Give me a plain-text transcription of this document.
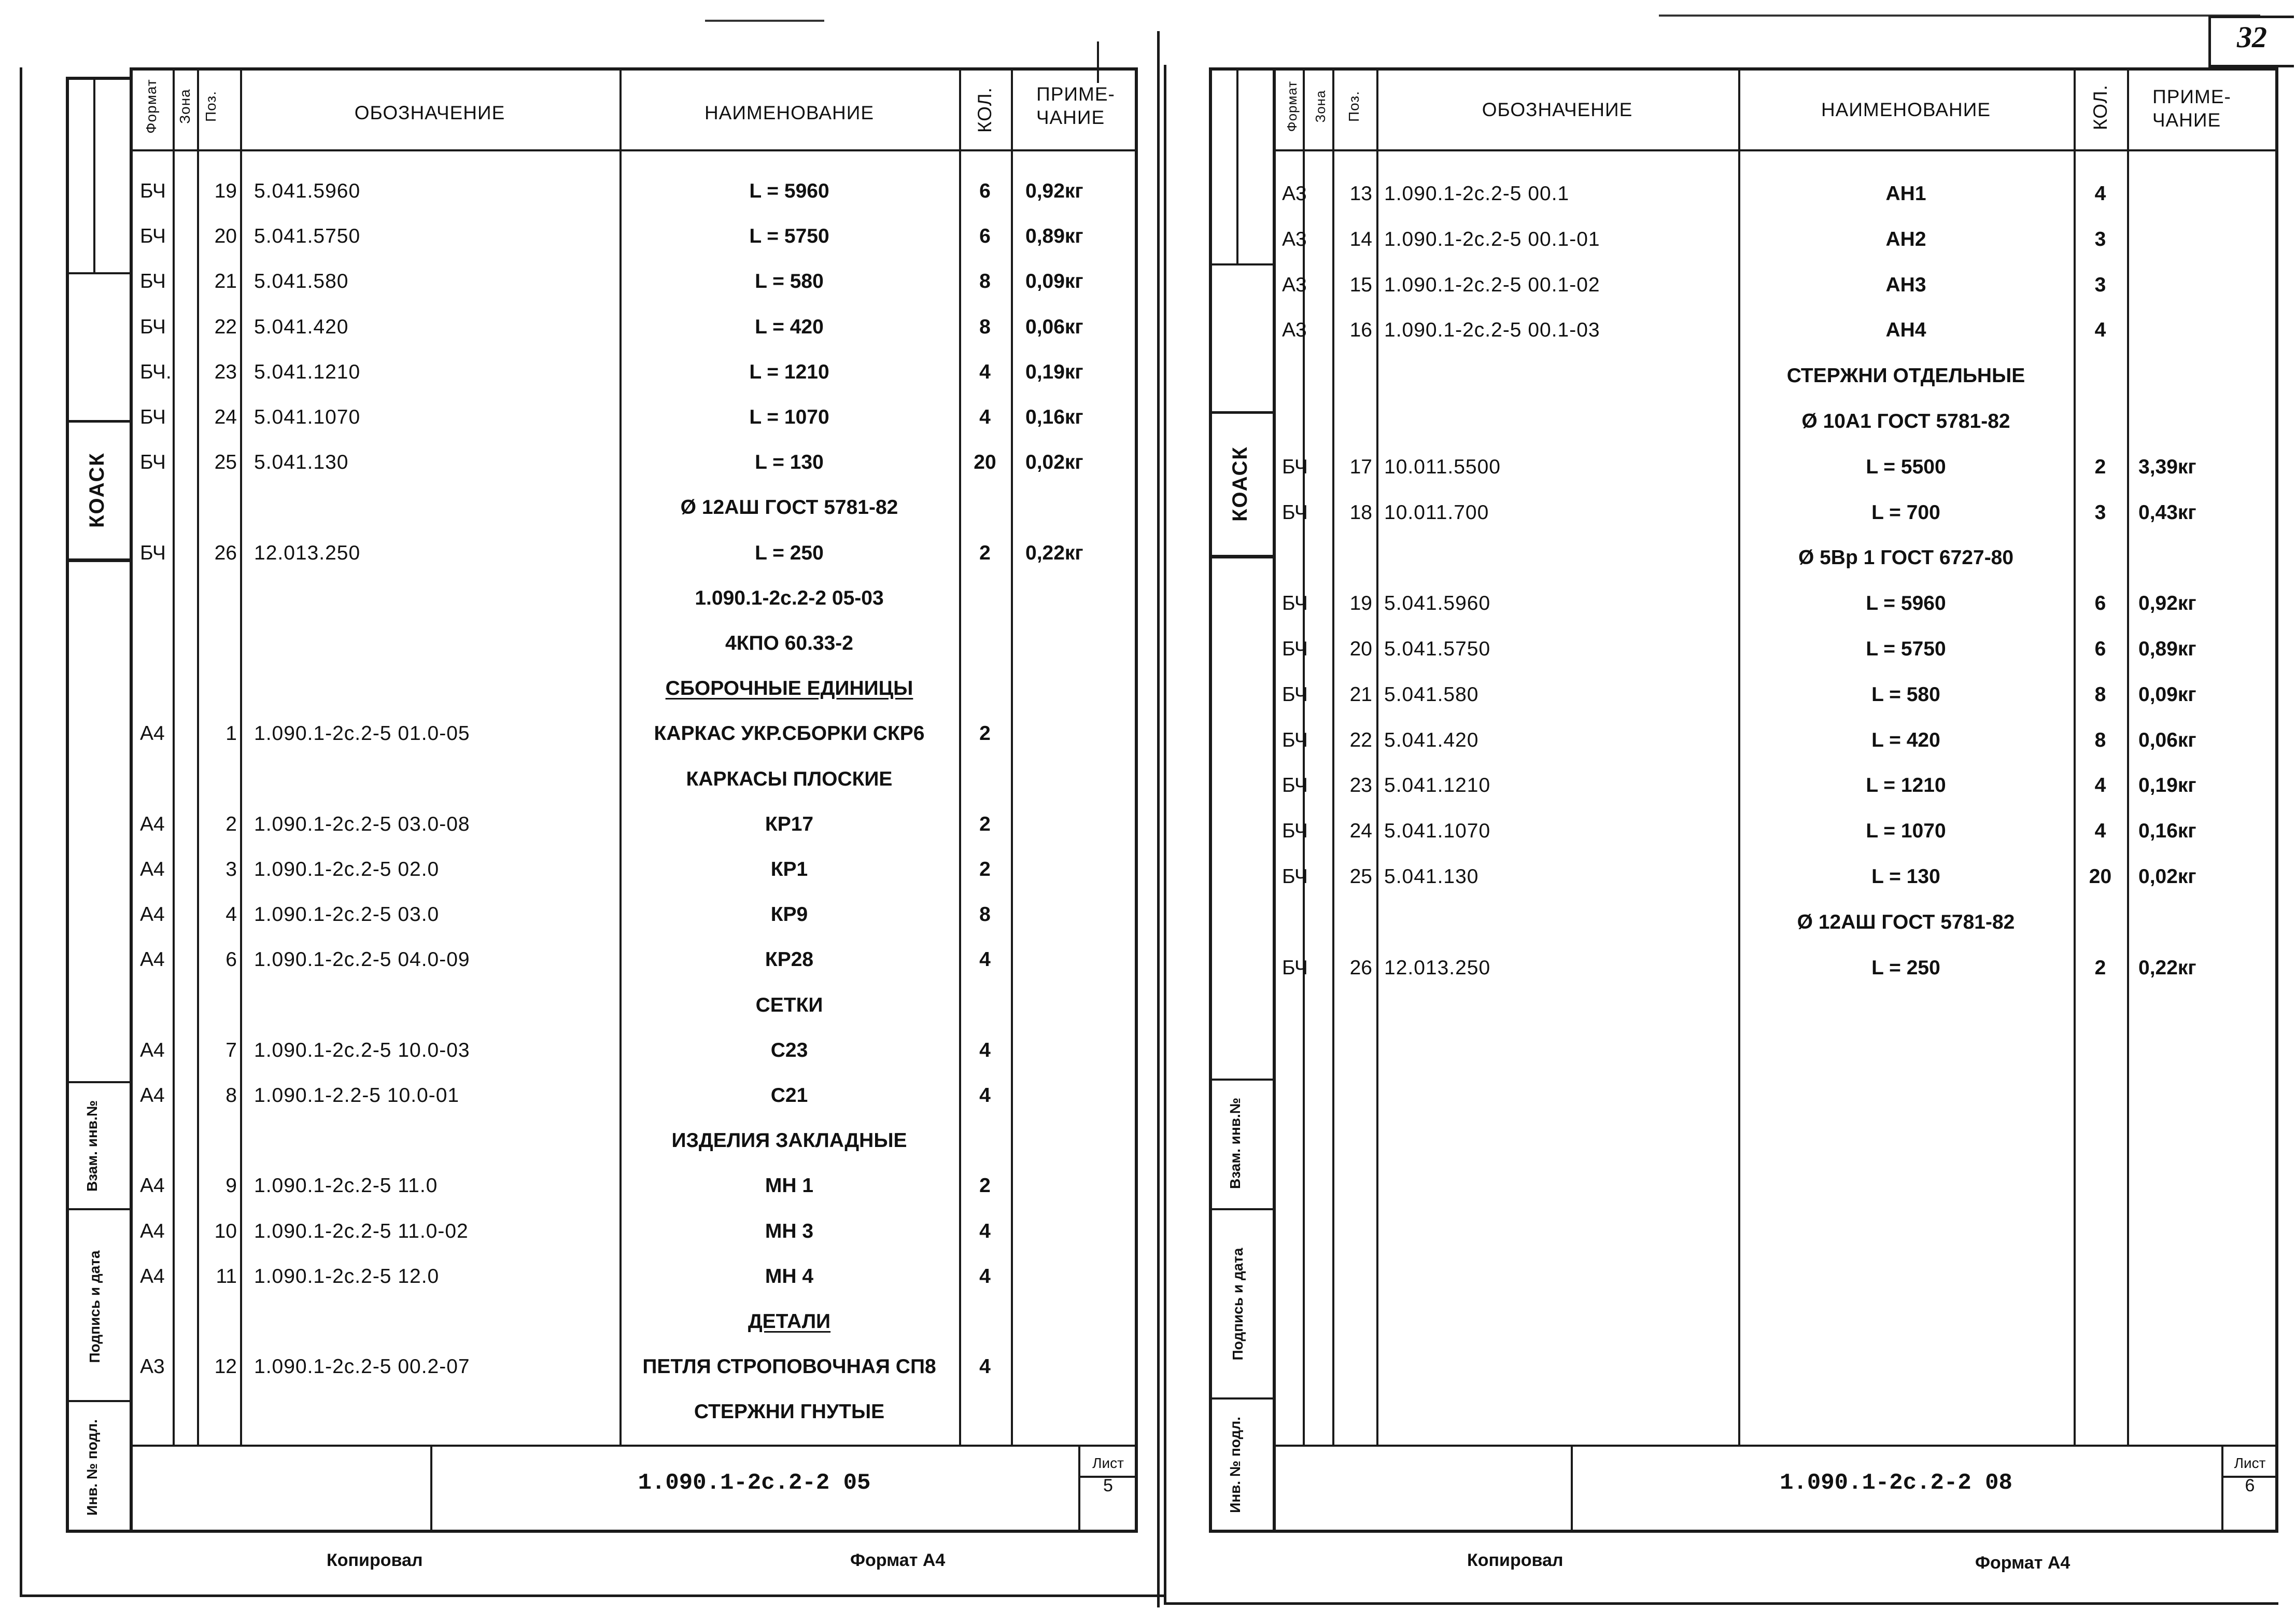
КОАСК
Взам. инв.№
Подпись и дата
Инв. № подл.
Формат Зона Поз.	ОБОЗНАЧЕНИЕ	НАИМЕНОВАНИЕ	КОЛ.	ПРИМЕ-
ЧАНИЕ
БЧ	19 5.041.5960	L = 5960	6	0,92кг
БЧ	20 5.041.5750	L = 5750	6	0,89кг
БЧ	21 5.041.580	L = 580	8	0,09кг
БЧ	22 5.041.420	L = 420	8	0,06кг
БЧ.	23 5.041.1210	L = 1210	4	0,19кг
БЧ	24 5.041.1070	L = 1070	4	0,16кг
БЧ	25 5.041.130	L = 130	20	0,02кг
Ø 12АШ ГОСТ 5781-82
БЧ	26 12.013.250	L = 250	2	0,22кг
1.090.1-2с.2-2 05-03
4КПО 60.33-2
СБОРОЧНЫЕ ЕДИНИЦЫ
А4	1 1.090.1-2с.2-5 01.0-05	КАРКАС УКР.СБОРКИ СКР6	2
КАРКАСЫ ПЛОСКИЕ
А4	2 1.090.1-2с.2-5 03.0-08	КР17	2
А4	3 1.090.1-2с.2-5 02.0	КР1	2
А4	4 1.090.1-2с.2-5 03.0	КР9	8
А4	6 1.090.1-2с.2-5 04.0-09	КР28	4
СЕТКИ
А4	7 1.090.1-2с.2-5 10.0-03	С23	4
А4	8 1.090.1-2.2-5 10.0-01	С21	4
ИЗДЕЛИЯ ЗАКЛАДНЫЕ
А4	9 1.090.1-2с.2-5 11.0	МН 1	2
А4	10 1.090.1-2с.2-5 11.0-02	МН 3	4
А4	11 1.090.1-2с.2-5 12.0	МН 4	4
ДЕТАЛИ
А3	12 1.090.1-2с.2-5 00.2-07	ПЕТЛЯ СТРОПОВОЧНАЯ СП8	4
СТЕРЖНИ ГНУТЫЕ
1.090.1-2с.2-2 05
Лист
5
Копировал	Формат А4
32
КОАСК
Взам. инв.№
Подпись и дата
Инв. № подл.
Формат Зона Поз.	ОБОЗНАЧЕНИЕ	НАИМЕНОВАНИЕ	КОЛ.	ПРИМЕ-
ЧАНИЕ
А3	13 1.090.1-2с.2-5 00.1	АН1	4
А3	14 1.090.1-2с.2-5 00.1-01	АН2	3
А3	15 1.090.1-2с.2-5 00.1-02	АН3	3
А3	16 1.090.1-2с.2-5 00.1-03	АН4	4
СТЕРЖНИ ОТДЕЛЬНЫЕ
Ø 10А1 ГОСТ 5781-82
БЧ	17 10.011.5500	L = 5500	2	3,39кг
БЧ	18 10.011.700	L = 700	3	0,43кг
Ø 5Вр 1 ГОСТ 6727-80
БЧ	19 5.041.5960	L = 5960	6	0,92кг
БЧ	20 5.041.5750	L = 5750	6	0,89кг
БЧ	21 5.041.580	L = 580	8	0,09кг
БЧ	22 5.041.420	L = 420	8	0,06кг
БЧ	23 5.041.1210	L = 1210	4	0,19кг
БЧ	24 5.041.1070	L = 1070	4	0,16кг
БЧ	25 5.041.130	L = 130	20	0,02кг
Ø 12АШ ГОСТ 5781-82
БЧ	26 12.013.250	L = 250	2	0,22кг
1.090.1-2с.2-2 08
Лист
6
Копировал	Формат А4
